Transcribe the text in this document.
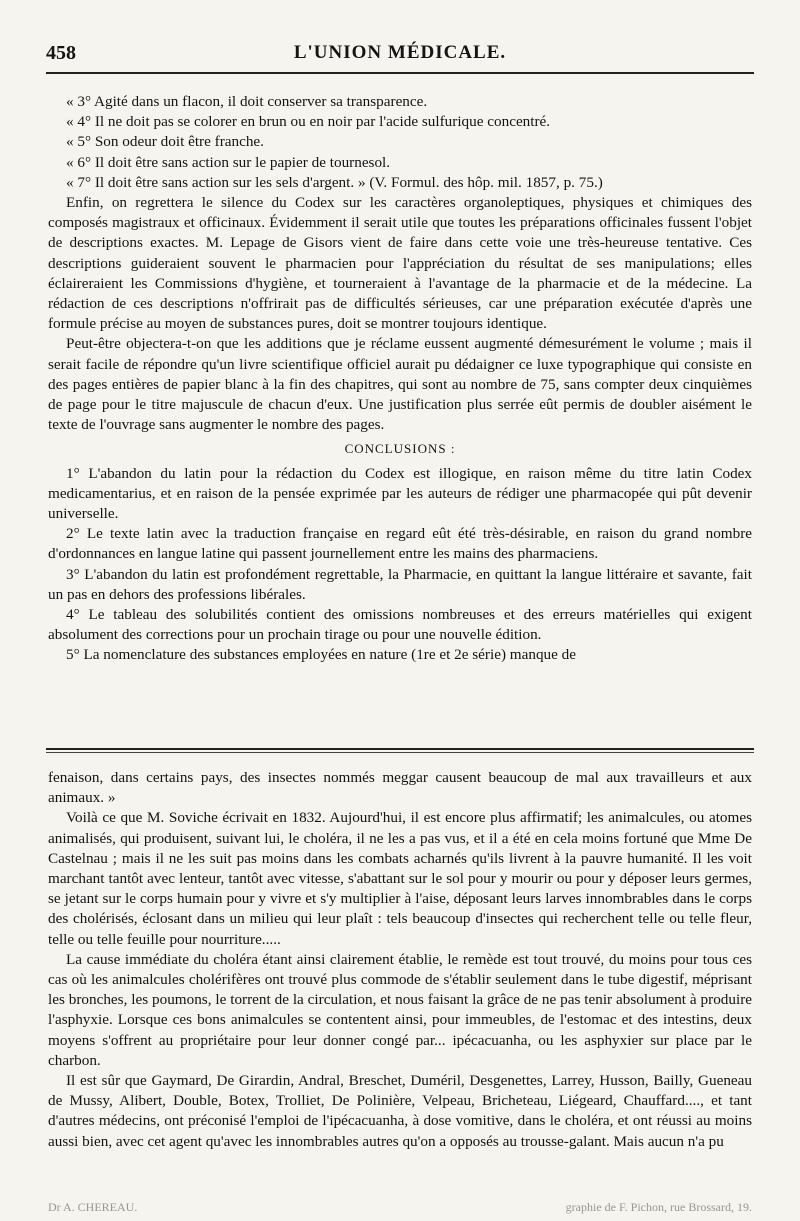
458	L'UNION MÉDICALE.

« 3° Agité dans un flacon, il doit conserver sa transparence.

« 4° Il ne doit pas se colorer en brun ou en noir par l'acide sulfurique concentré.

« 5° Son odeur doit être franche.

« 6° Il doit être sans action sur le papier de tournesol.

« 7° Il doit être sans action sur les sels d'argent. » (V. Formul. des hôp. mil. 1857, p. 75.)

Enfin, on regrettera le silence du Codex sur les caractères organoleptiques, physiques et chimiques des composés magistraux et officinaux. Évidemment il serait utile que toutes les préparations officinales fussent l'objet de descriptions exactes. M. Lepage de Gisors vient de faire dans cette voie une très-heureuse tentative. Ces descriptions guideraient souvent le pharmacien pour l'appréciation du résultat de ses manipulations; elles éclaireraient les Commissions d'hygiène, et tourneraient à l'avantage de la pharmacie et de la médecine. La rédaction de ces descriptions n'offrirait pas de difficultés sérieuses, car une préparation exécutée d'après une formule précise au moyen de substances pures, doit se montrer toujours identique.

Peut-être objectera-t-on que les additions que je réclame eussent augmenté démesurément le volume ; mais il serait facile de répondre qu'un livre scientifique officiel aurait pu dédaigner ce luxe typographique qui consiste en des pages entières de papier blanc à la fin des chapitres, qui sont au nombre de 75, sans compter deux cinquièmes de page pour le titre majuscule de chacun d'eux. Une justification plus serrée eût permis de doubler aisément le texte de l'ouvrage sans augmenter le nombre des pages.

CONCLUSIONS :

1° L'abandon du latin pour la rédaction du Codex est illogique, en raison même du titre latin Codex medicamentarius, et en raison de la pensée exprimée par les auteurs de rédiger une pharmacopée qui pût devenir universelle.

2° Le texte latin avec la traduction française en regard eût été très-désirable, en raison du grand nombre d'ordonnances en langue latine qui passent journellement entre les mains des pharmaciens.

3° L'abandon du latin est profondément regrettable, la Pharmacie, en quittant la langue littéraire et savante, fait un pas en dehors des professions libérales.

4° Le tableau des solubilités contient des omissions nombreuses et des erreurs matérielles qui exigent absolument des corrections pour un prochain tirage ou pour une nouvelle édition.

5° La nomenclature des substances employées en nature (1re et 2e série) manque de

fenaison, dans certains pays, des insectes nommés meggar causent beaucoup de mal aux travailleurs et aux animaux. »

Voilà ce que M. Soviche écrivait en 1832. Aujourd'hui, il est encore plus affirmatif; les animalcules, ou atomes animalisés, qui produisent, suivant lui, le choléra, il ne les a pas vus, et il a été en cela moins fortuné que Mme De Castelnau ; mais il ne les suit pas moins dans les combats acharnés qu'ils livrent à la pauvre humanité. Il les voit marchant tantôt avec lenteur, tantôt avec vitesse, s'abattant sur le sol pour y mourir ou pour y déposer leurs germes, se jetant sur le corps humain pour y vivre et s'y multiplier à l'aise, déposant leurs larves innombrables dans le corps des cholérisés, éclosant dans un milieu qui leur plaît : tels beaucoup d'insectes qui recherchent telle ou telle fleur, telle ou telle feuille pour nourriture.....

La cause immédiate du choléra étant ainsi clairement établie, le remède est tout trouvé, du moins pour tous ces cas où les animalcules cholérifères ont trouvé plus commode de s'établir seulement dans le tube digestif, méprisant les bronches, les poumons, le torrent de la circulation, et nous faisant la grâce de ne pas tenir absolument à produire l'asphyxie. Lorsque ces bons animalcules se contentent ainsi, pour immeubles, de l'estomac et des intestins, deux moyens s'offrent au propriétaire pour leur donner congé par... ipécacuanha, ou les asphyxier sur place par le charbon.

Il est sûr que Gaymard, De Girardin, Andral, Breschet, Duméril, Desgenettes, Larrey, Husson, Bailly, Gueneau de Mussy, Alibert, Double, Botex, Trolliet, De Polinière, Velpeau, Bricheteau, Liégeard, Chauffard...., et tant d'autres médecins, ont préconisé l'emploi de l'ipécacuanha, à dose vomitive, dans le choléra, et ont réussi au moins aussi bien, avec cet agent qu'avec les innombrables autres qu'on a opposés au trousse-galant. Mais aucun n'a pu

Dr A. CHEREAU.	graphie de F. Pichon, rue Brossard, 19.
